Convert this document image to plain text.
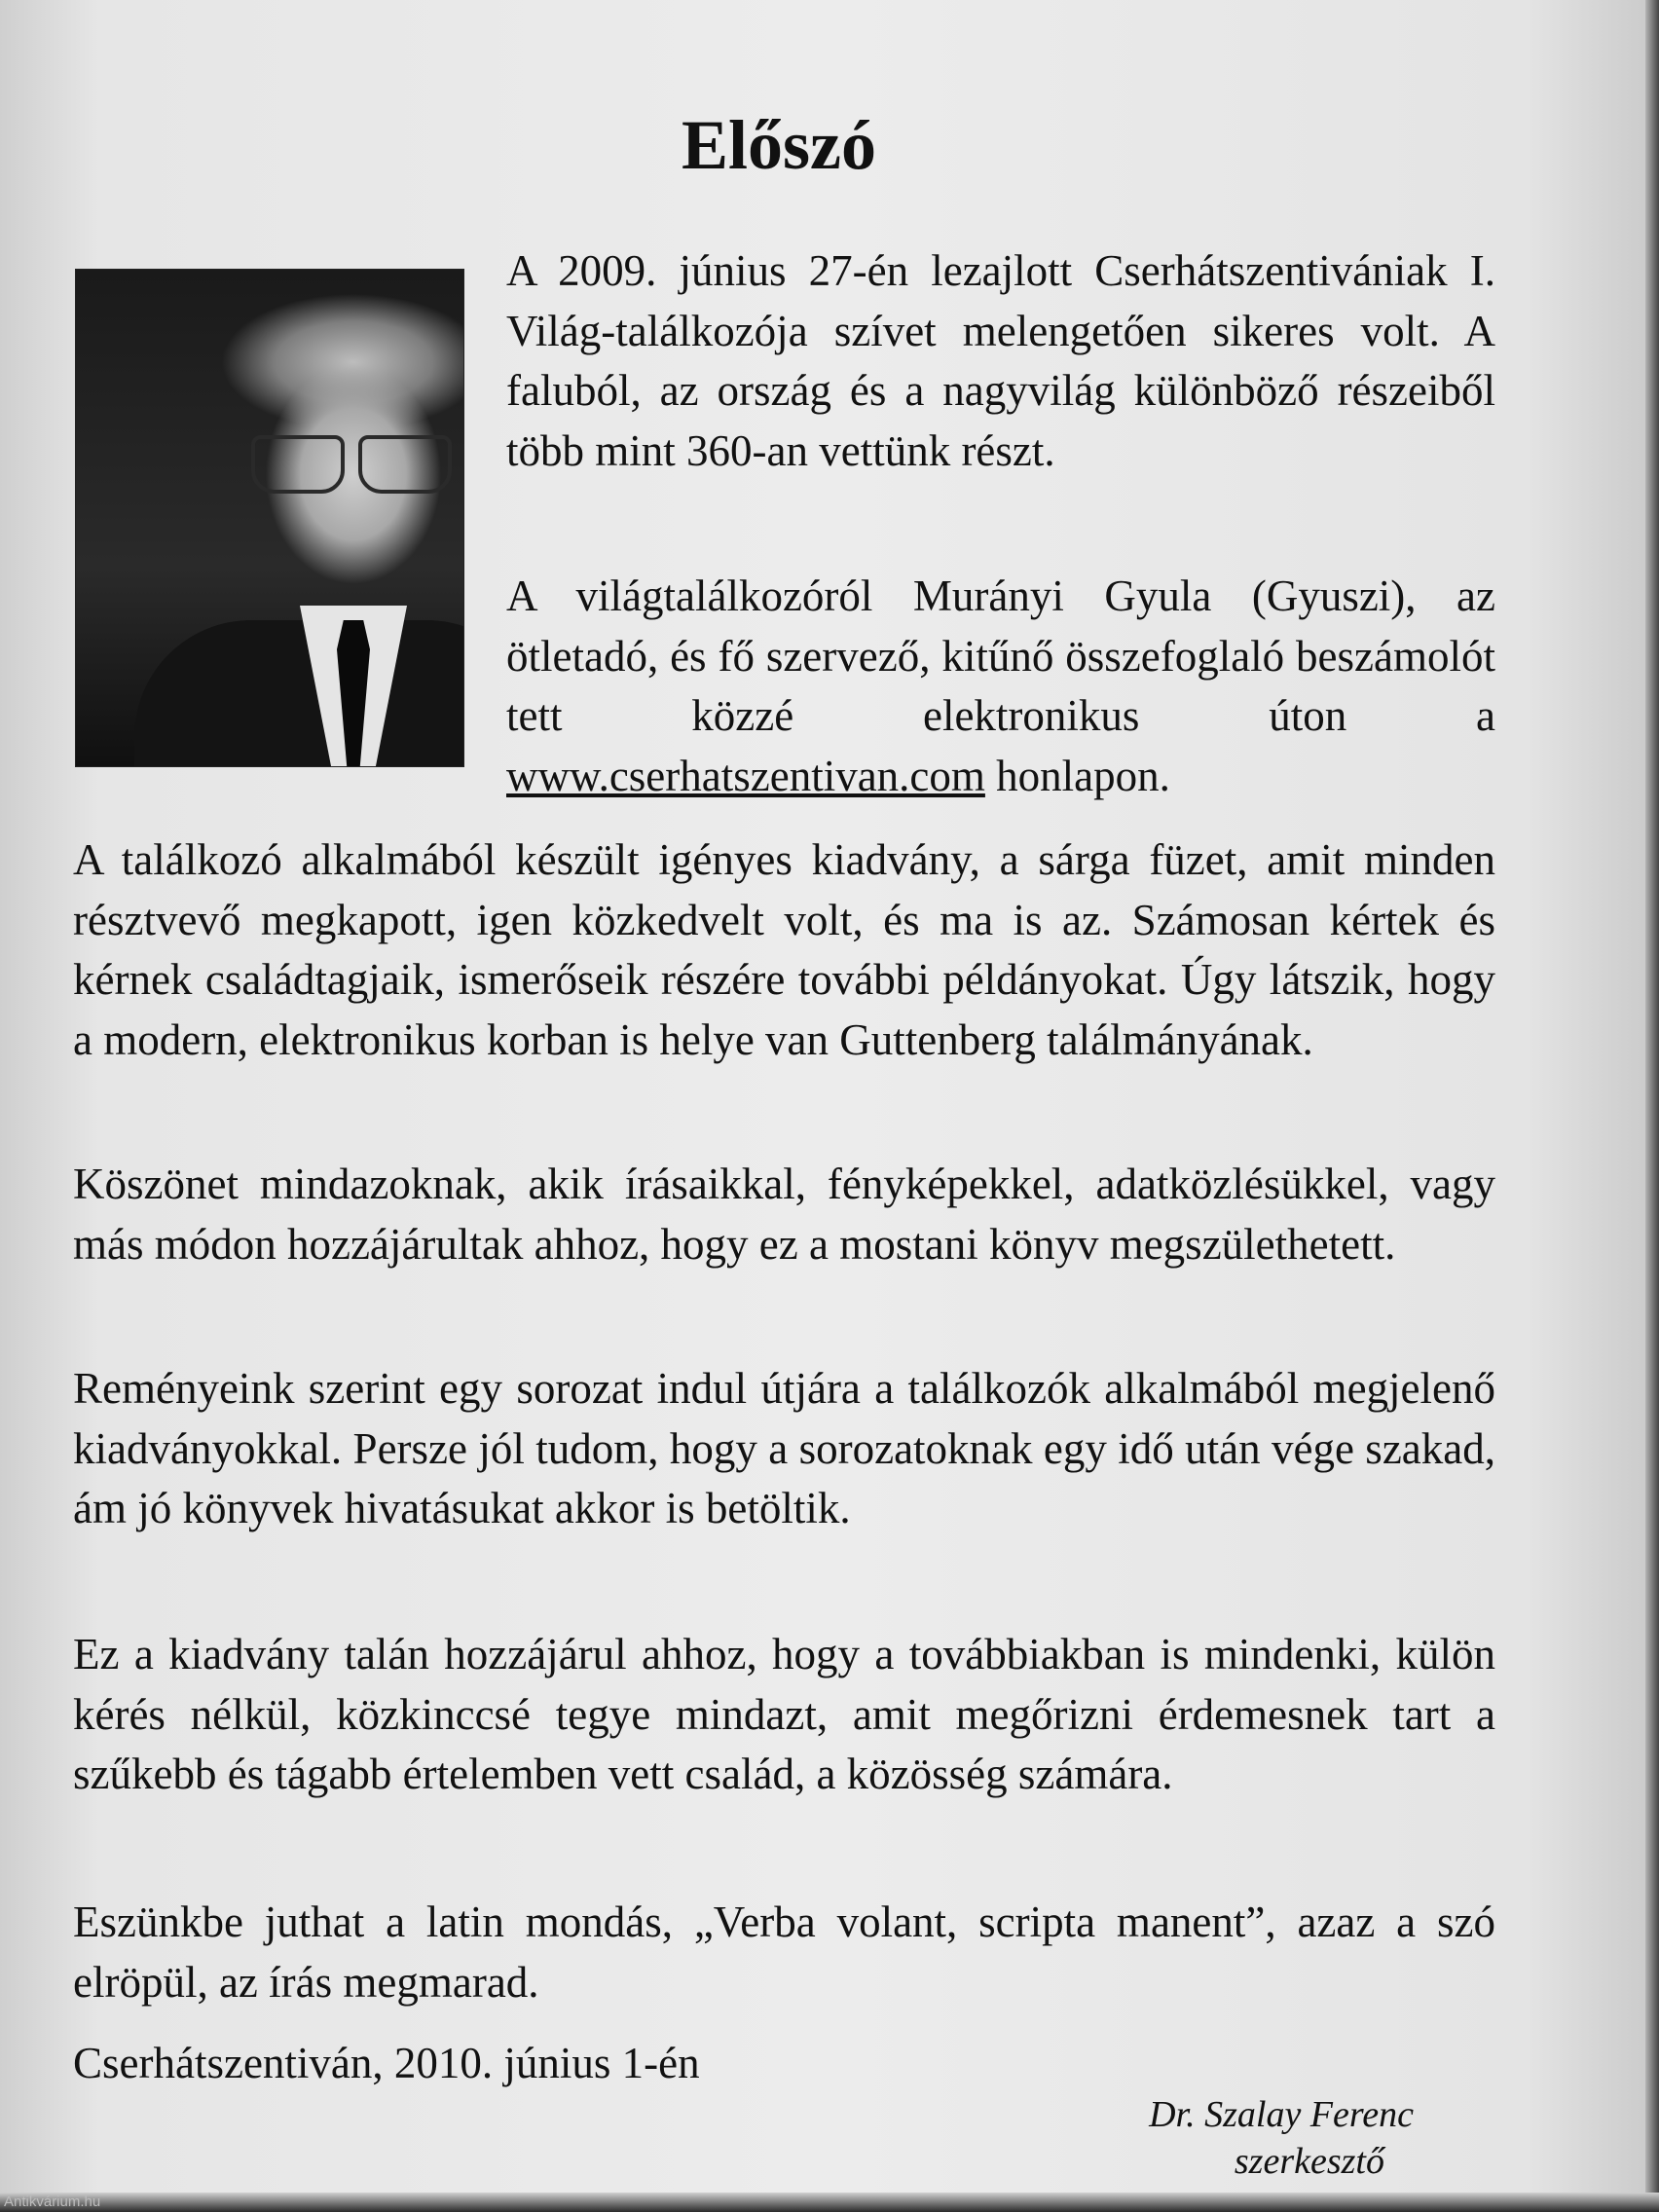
Előszó

A 2009. június 27-én lezajlott Cserhátszentivániak I. Világ-találkozója szívet melengetően sikeres volt. A faluból, az ország és a nagyvilág különböző részeiből több mint 360-an vettünk részt.

A világtalálkozóról Murányi Gyula (Gyuszi), az ötletadó, és fő szervező, kitűnő összefoglaló beszámolót tett közzé elektronikus úton a www.cserhatszentivan.com honlapon.

A találkozó alkalmából készült igényes kiadvány, a sárga füzet, amit minden résztvevő megkapott, igen közkedvelt volt, és ma is az. Számosan kértek és kérnek családtagjaik, ismerőseik részére további példányokat. Úgy látszik, hogy a modern, elektronikus korban is helye van Guttenberg találmányának.

Köszönet mindazoknak, akik írásaikkal, fényképekkel, adatközlésükkel, vagy más módon hozzájárultak ahhoz, hogy ez a mostani könyv megszülethetett.

Reményeink szerint egy sorozat indul útjára a találkozók alkalmából megjelenő kiadványokkal. Persze jól tudom, hogy a sorozatoknak egy idő után vége szakad, ám jó könyvek hivatásukat akkor is betöltik.

Ez a kiadvány talán hozzájárul ahhoz, hogy a továbbiakban is mindenki, külön kérés nélkül, közkinccsé tegye mindazt, amit megőrizni érdemesnek tart a szűkebb és tágabb értelemben vett család, a közösség számára.

Eszünkbe juthat a latin mondás, „Verba volant, scripta manent”, azaz a szó elröpül, az írás megmarad.

Cserhátszentiván, 2010. június 1-én

Dr. Szalay Ferenc

szerkesztő

Antikvárium.hu
